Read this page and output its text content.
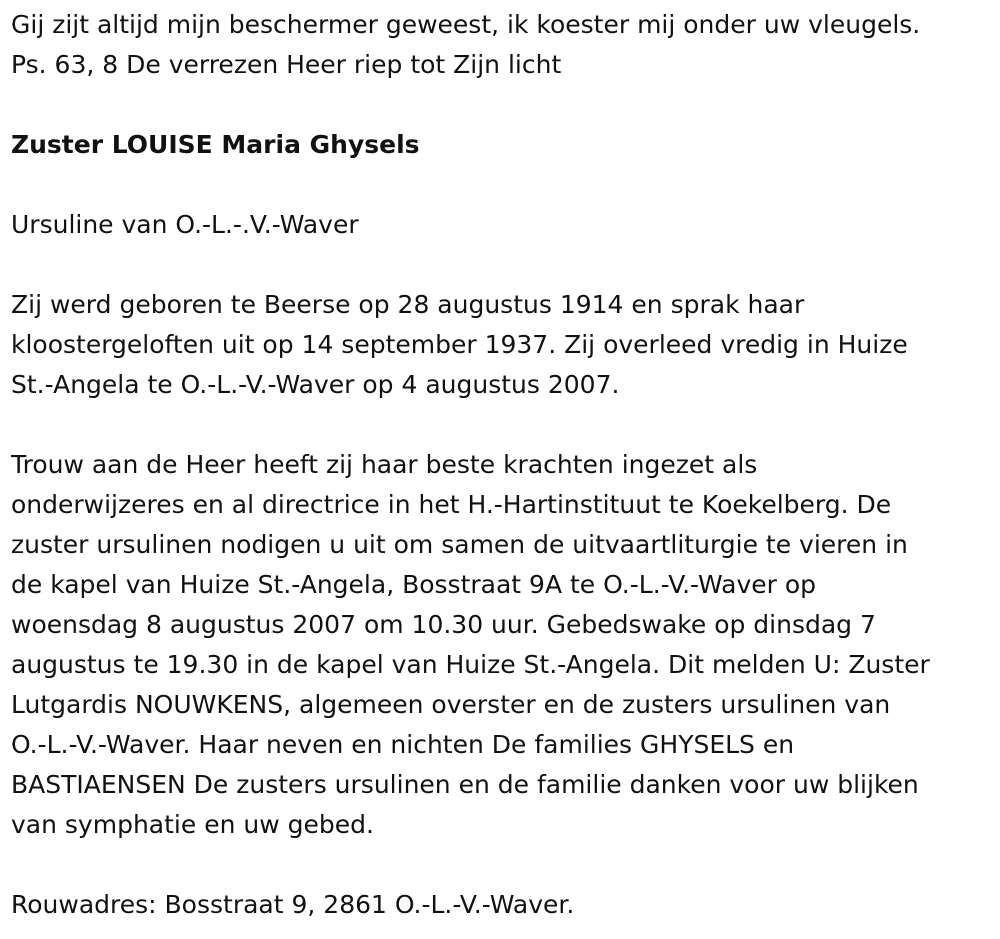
Gij zijt altijd mijn beschermer geweest, ik koester mij onder uw vleugels.

Ps. 63, 8 De verrezen Heer riep tot Zijn licht

Zuster LOUISE Maria Ghysels

Ursuline van O.-L.-.V.-Waver

Zij werd geboren te Beerse op 28 augustus 1914 en sprak haar

kloostergeloften uit op 14 september 1937. Zij overleed vredig in Huize

St.-Angela te O.-L.-V.-Waver op 4 augustus 2007.

Trouw aan de Heer heeft zij haar beste krachten ingezet als

onderwijzeres en al directrice in het H.-Hartinstituut te Koekelberg. De

zuster ursulinen nodigen u uit om samen de uitvaartliturgie te vieren in

de kapel van Huize St.-Angela, Bosstraat 9A te O.-L.-V.-Waver op

woensdag 8 augustus 2007 om 10.30 uur. Gebedswake op dinsdag 7

augustus te 19.30 in de kapel van Huize St.-Angela. Dit melden U: Zuster

Lutgardis NOUWKENS, algemeen overster en de zusters ursulinen van

O.-L.-V.-Waver. Haar neven en nichten De families GHYSELS en

BASTIAENSEN De zusters ursulinen en de familie danken voor uw blijken

van symphatie en uw gebed.

Rouwadres: Bosstraat 9, 2861 O.-L.-V.-Waver.
